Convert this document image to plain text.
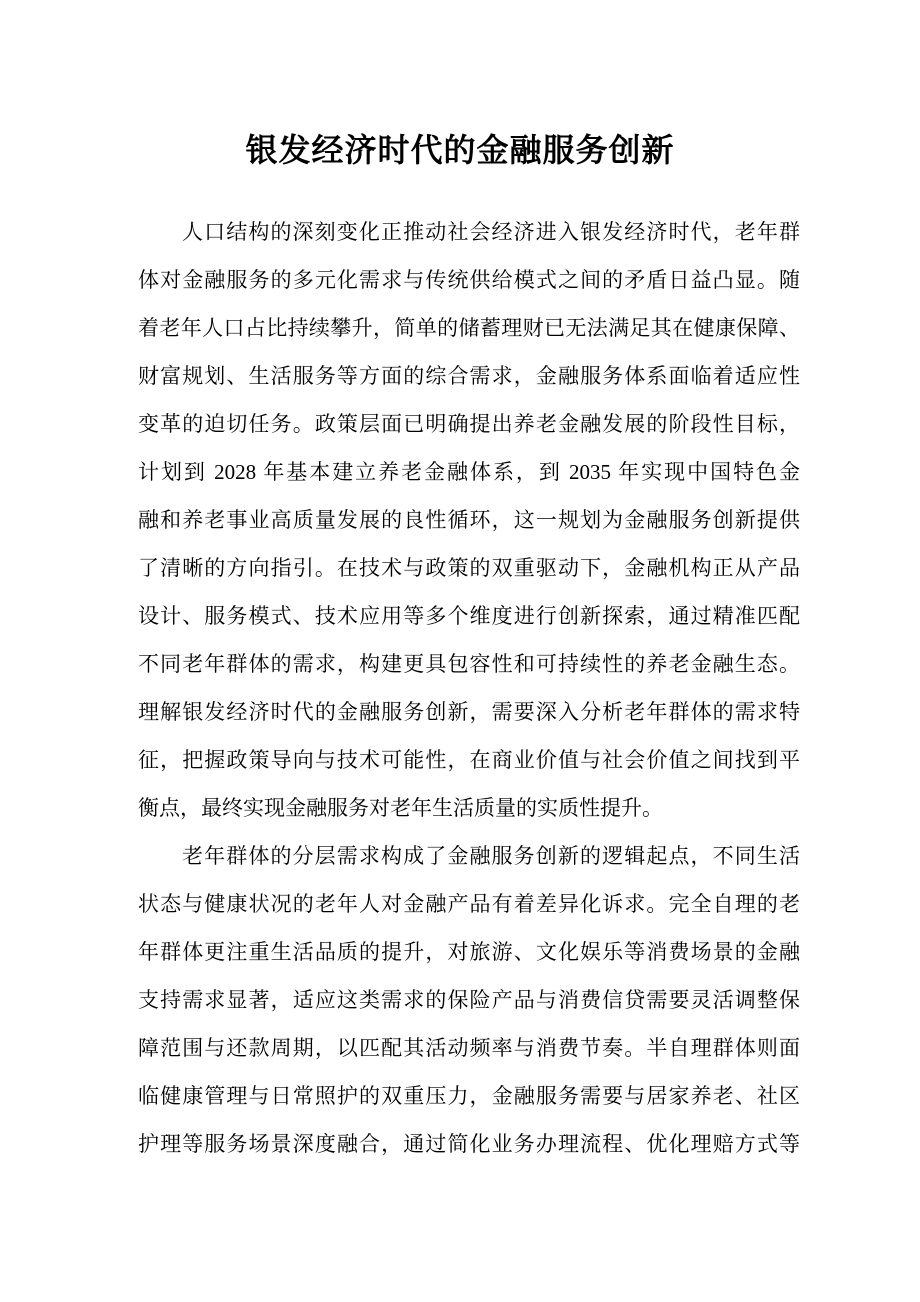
银发经济时代的金融服务创新
人口结构的深刻变化正推动社会经济进入银发经济时代，老年群
体对金融服务的多元化需求与传统供给模式之间的矛盾日益凸显。随
着老年人口占比持续攀升，简单的储蓄理财已无法满足其在健康保障、
财富规划、生活服务等方面的综合需求，金融服务体系面临着适应性
变革的迫切任务。政策层面已明确提出养老金融发展的阶段性目标，
计划到 2028 年基本建立养老金融体系，到 2035 年实现中国特色金
融和养老事业高质量发展的良性循环，这一规划为金融服务创新提供
了清晰的方向指引。在技术与政策的双重驱动下，金融机构正从产品
设计、服务模式、技术应用等多个维度进行创新探索，通过精准匹配
不同老年群体的需求，构建更具包容性和可持续性的养老金融生态。
理解银发经济时代的金融服务创新，需要深入分析老年群体的需求特
征，把握政策导向与技术可能性，在商业价值与社会价值之间找到平
衡点，最终实现金融服务对老年生活质量的实质性提升。
老年群体的分层需求构成了金融服务创新的逻辑起点，不同生活
状态与健康状况的老年人对金融产品有着差异化诉求。完全自理的老
年群体更注重生活品质的提升，对旅游、文化娱乐等消费场景的金融
支持需求显著，适应这类需求的保险产品与消费信贷需要灵活调整保
障范围与还款周期，以匹配其活动频率与消费节奏。半自理群体则面
临健康管理与日常照护的双重压力，金融服务需要与居家养老、社区
护理等服务场景深度融合，通过简化业务办理流程、优化理赔方式等
